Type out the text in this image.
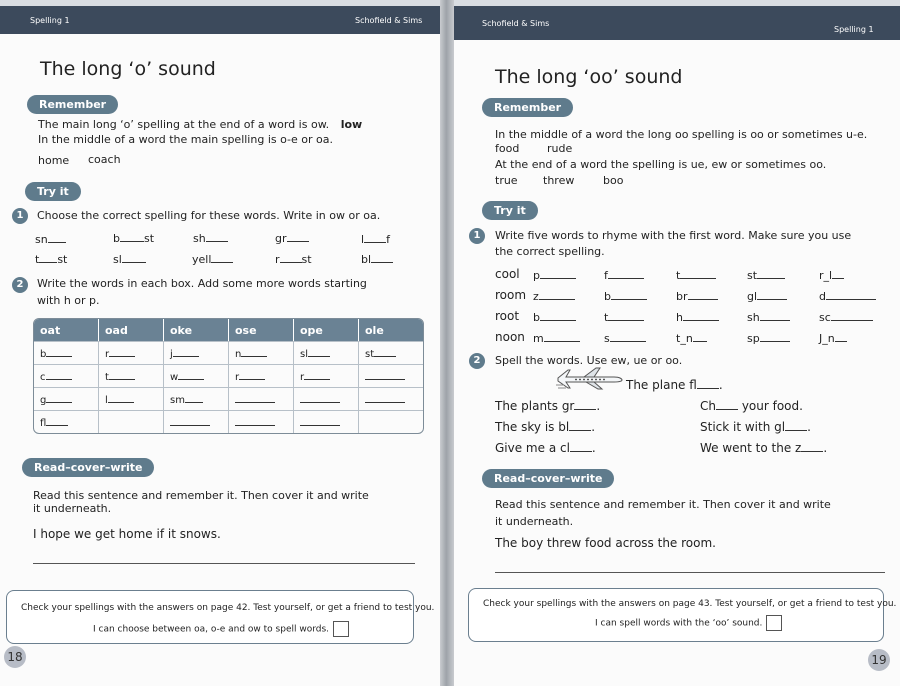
Spelling 1	Schofield & Sims
The long ‘o’ sound
Remember
The main long ‘o’ spelling at the end of a word is ow. low
In the middle of a word the main spelling is o-e or oa.
home coach
Try it
1	Choose the correct spelling for these words. Write in ow or oa.
sn	b st	sh	gr	l f
t st	sl	yell	r st	bl
2	Write the words in each box. Add some more words starting
with h or p.
oat	oad	oke	ose	ope	ole
b	r	j	n	sl	st
c	t	w	r	r	
g	l	sm			
fl					
Read–cover–write
Read this sentence and remember it. Then cover it and write
it underneath.
I hope we get home if it snows.
Check your spellings with the answers on page 42. Test yourself, or get a friend to test you.
I can choose between oa, o-e and ow to spell words.
18
Schofield & Sims
Spelling 1
The long ‘oo’ sound
Remember
In the middle of a word the long oo spelling is oo or sometimes u-e.
food	rude
At the end of a word the spelling is ue, ew or sometimes oo.
true threw	boo
Try it
1	Write five words to rhyme with the first word. Make sure you use
the correct spelling.
cool p	f	t	st	r_l
room z	b	br	gl	d
root b	t	h	sh	sc
noon m	s	t_n	sp	J_n
2	Spell the words. Use ew, ue or oo.
The plane fl .
The plants gr .
The sky is bl .
Give me a cl .
Ch your food.
Stick it with gl .
We went to the z .
Read–cover–write
Read this sentence and remember it. Then cover it and write
it underneath.
The boy threw food across the room.
Check your spellings with the answers on page 43. Test yourself, or get a friend to test you.
I can spell words with the ‘oo’ sound.
19
